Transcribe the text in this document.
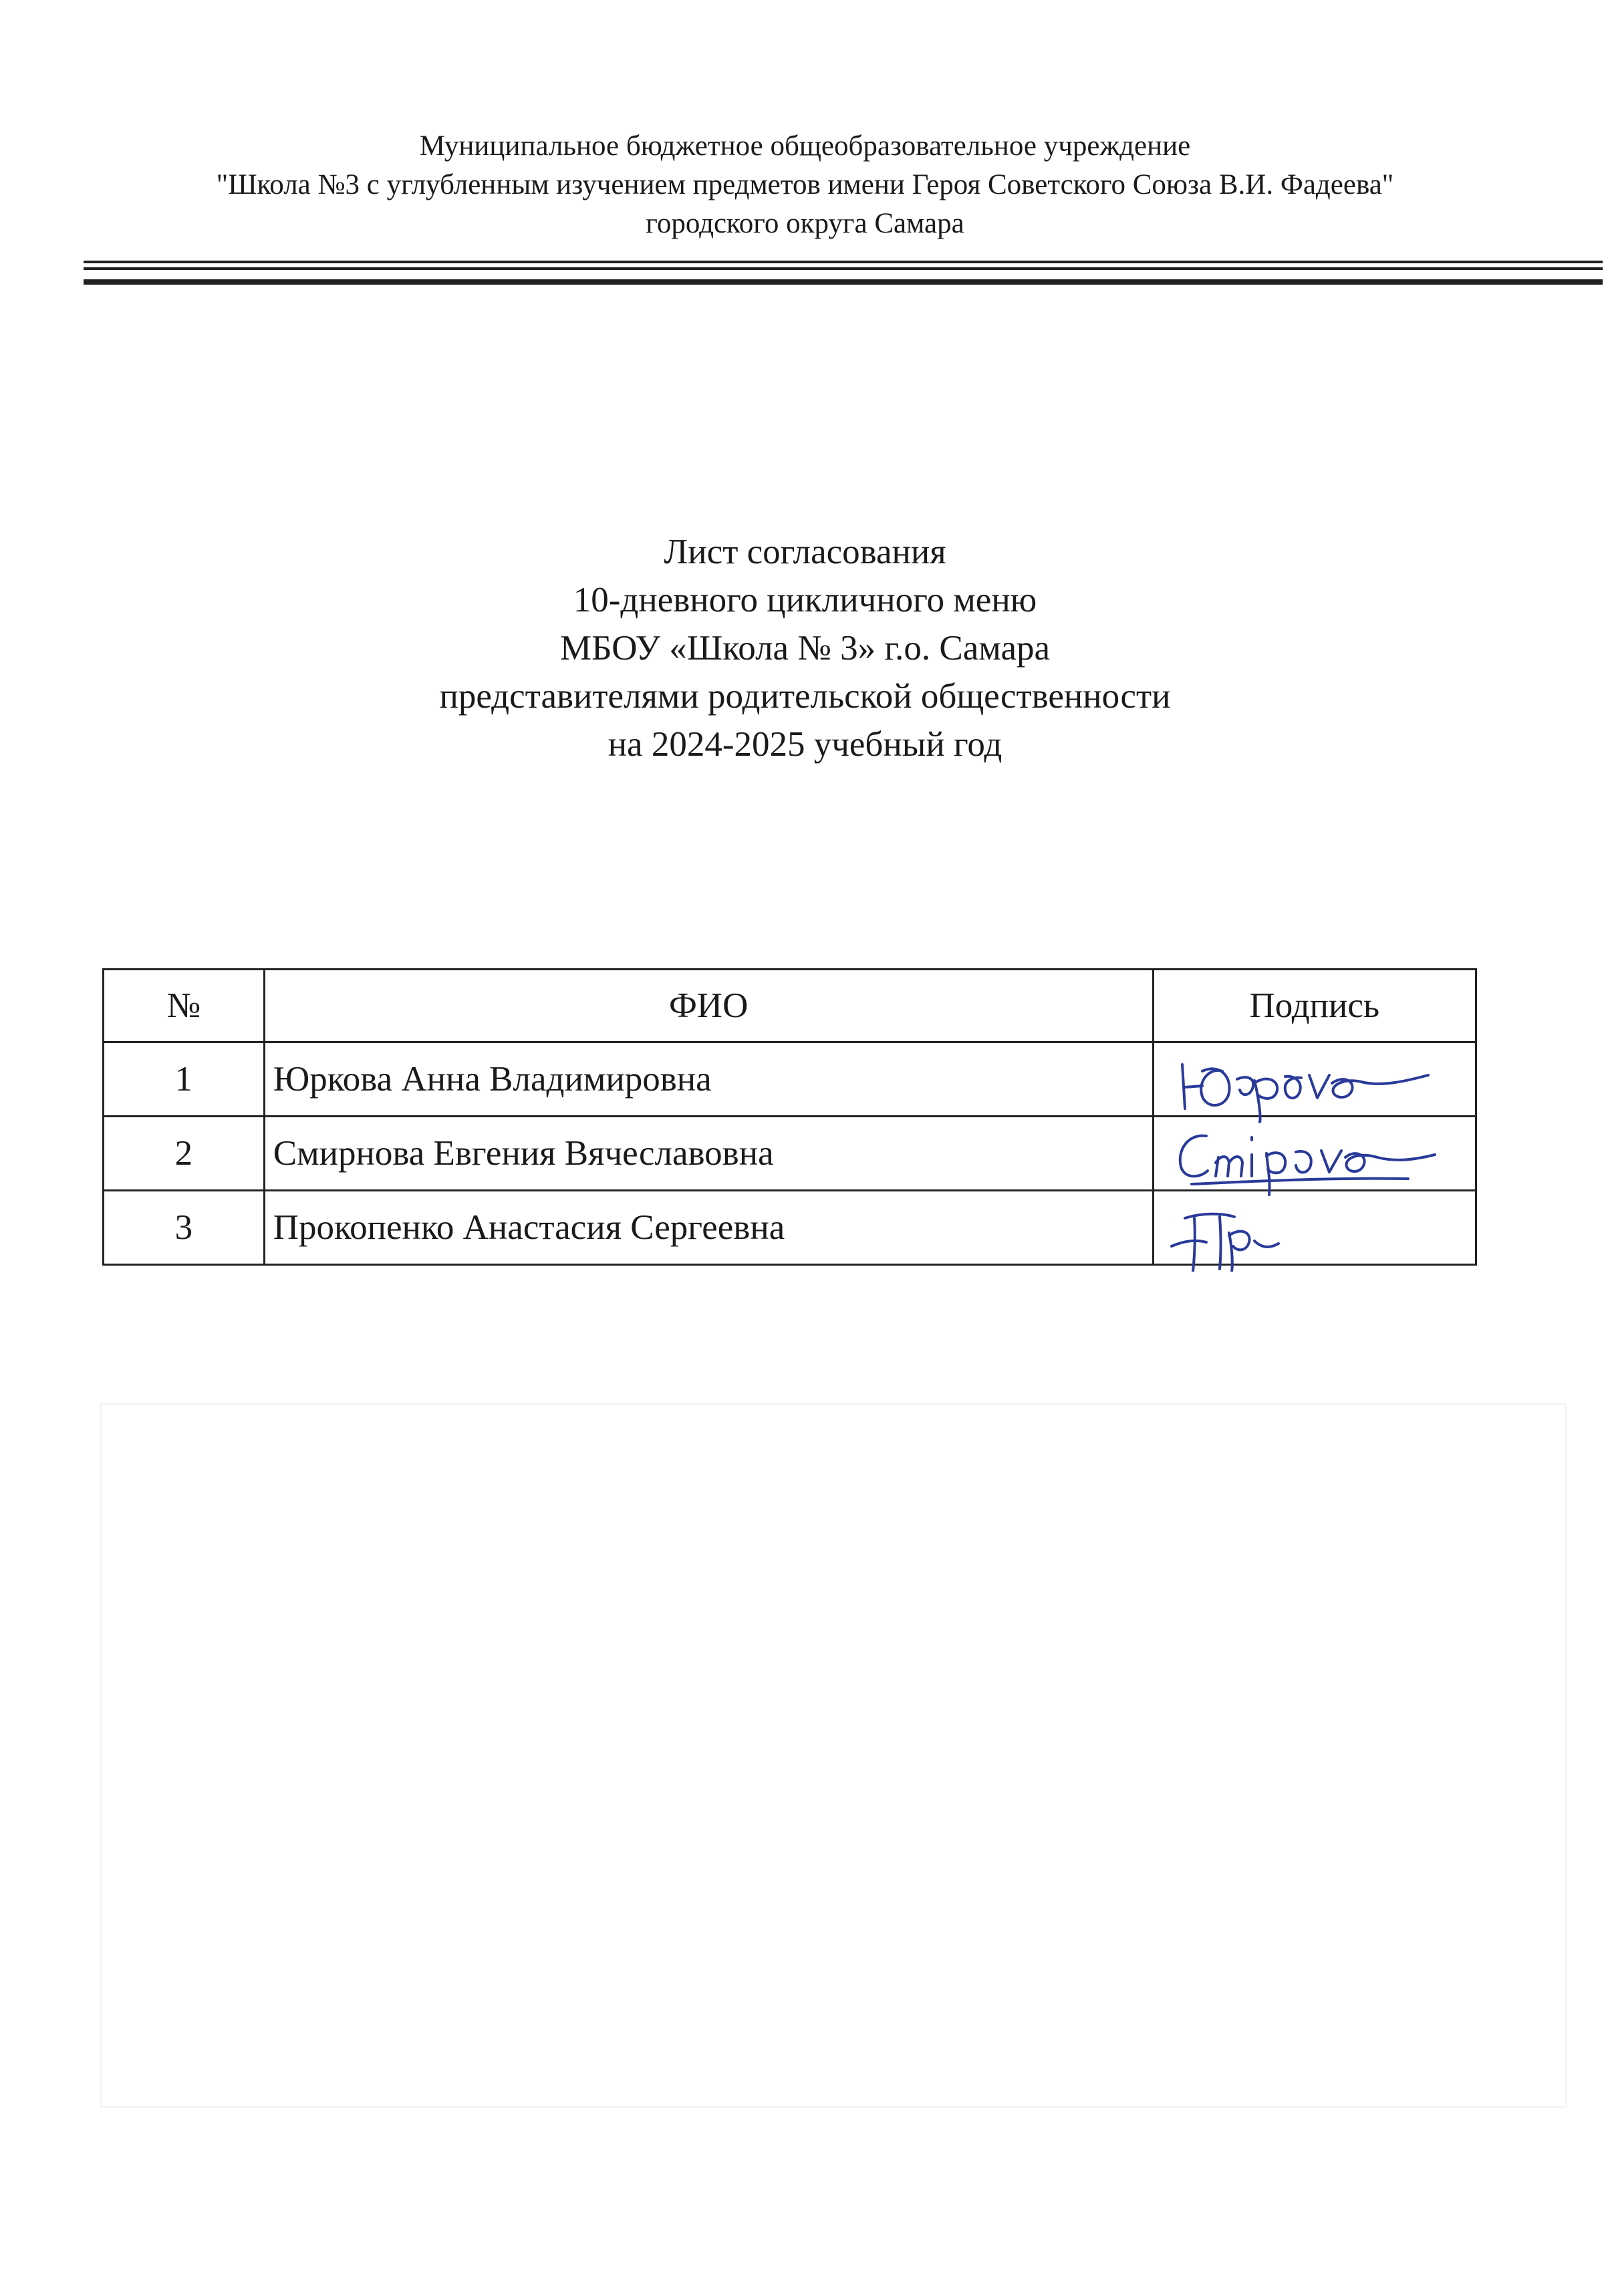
Муниципальное бюджетное общеобразовательное учреждение
"Школа №3 с углубленным изучением предметов имени Героя Советского Союза В.И. Фадеева"
городского округа Самара
Лист согласования
10-дневного цикличного меню
МБОУ «Школа № 3» г.о. Самара
представителями родительской общественности
на 2024-2025 учебный год
№	ФИО	Подпись
1	Юркова Анна Владимировна	

2	Смирнова Евгения Вячеславовна	

3	Прокопенко Анастасия Сергеевна	
